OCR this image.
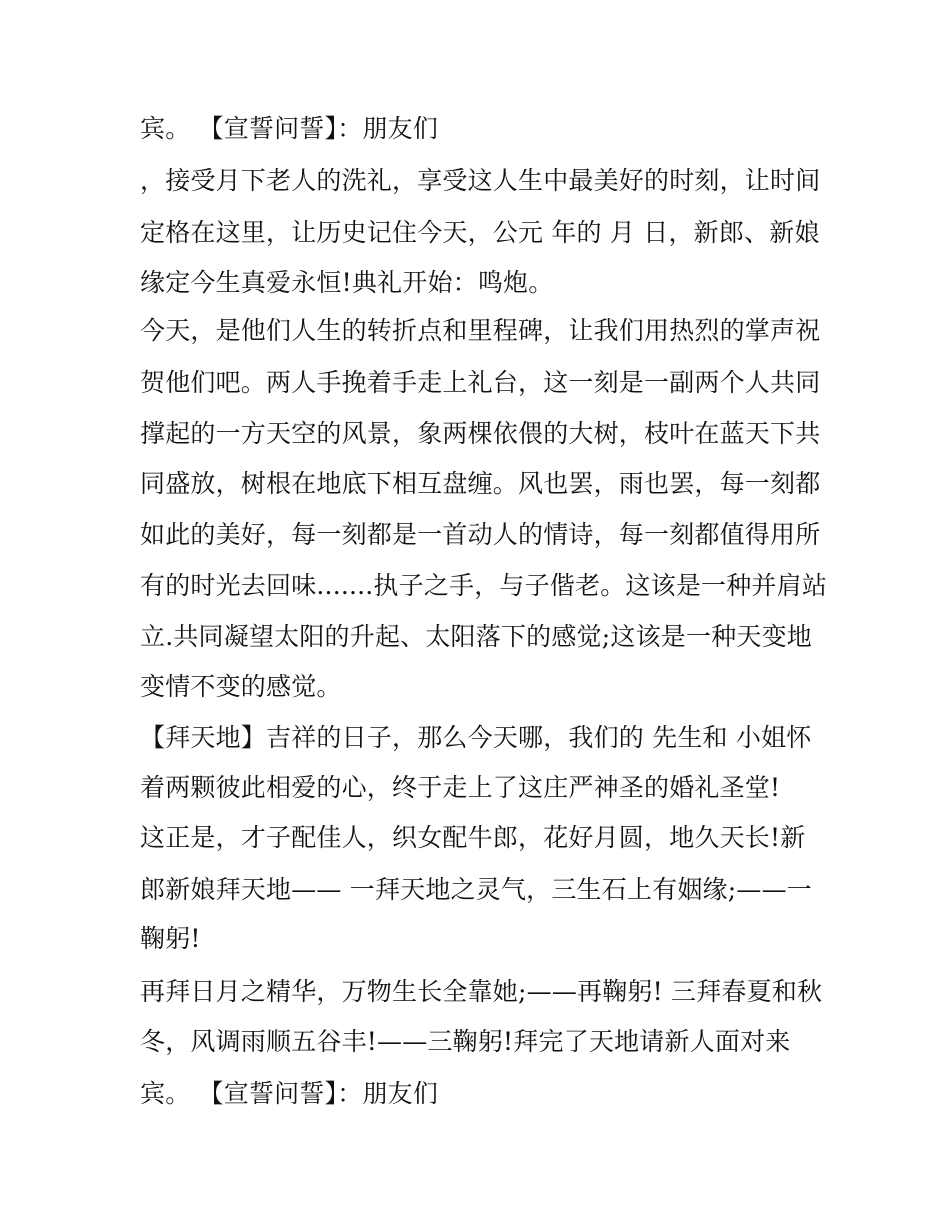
宾。 【宣誓问誓】：朋友们

，接受月下老人的洗礼，享受这人生中最美好的时刻，让时间

定格在这里，让历史记住今天，公元 年的 月 日，新郎、新娘

缘定今生真爱永恒!典礼开始：鸣炮。

今天，是他们人生的转折点和里程碑，让我们用热烈的掌声祝

贺他们吧。两人手挽着手走上礼台，这一刻是一副两个人共同

撑起的一方天空的风景，象两棵依偎的大树，枝叶在蓝天下共

同盛放，树根在地底下相互盘缠。风也罢，雨也罢，每一刻都

如此的美好，每一刻都是一首动人的情诗，每一刻都值得用所

有的时光去回味.......执子之手，与子偕老。这该是一种并肩站

立.共同凝望太阳的升起、太阳落下的感觉;这该是一种天变地

变情不变的感觉。

【拜天地】吉祥的日子，那么今天哪，我们的 先生和 小姐怀

着两颗彼此相爱的心，终于走上了这庄严神圣的婚礼圣堂!

这正是，才子配佳人，织女配牛郎，花好月圆，地久天长!新

郎新娘拜天地—— 一拜天地之灵气，三生石上有姻缘;——一

鞠躬!

再拜日月之精华，万物生长全靠她;——再鞠躬! 三拜春夏和秋

冬，风调雨顺五谷丰!——三鞠躬!拜完了天地请新人面对来

宾。 【宣誓问誓】：朋友们
